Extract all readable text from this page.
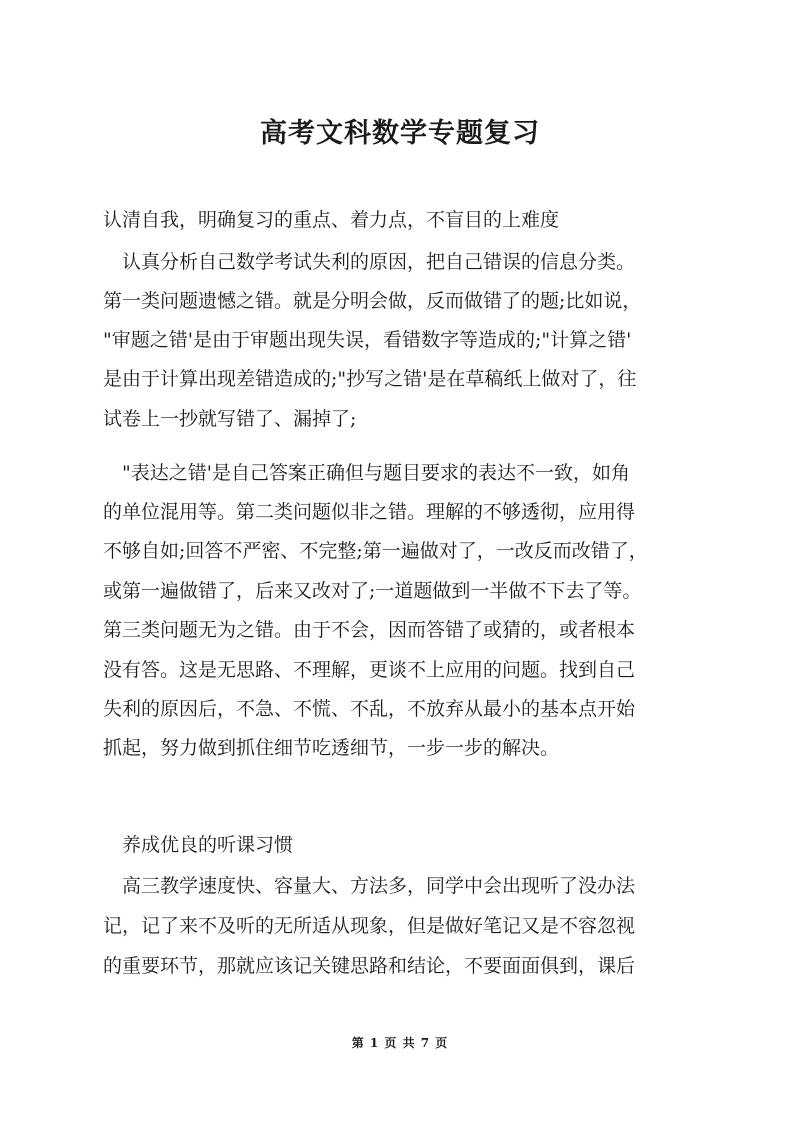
高考文科数学专题复习

认清自我，明确复习的重点、着力点，不盲目的上难度

　认真分析自己数学考试失利的原因，把自己错误的信息分类。

第一类问题遗憾之错。就是分明会做，反而做错了的题;比如说，

"审题之错'是由于审题出现失误，看错数字等造成的;"计算之错'

是由于计算出现差错造成的;"抄写之错'是在草稿纸上做对了，往

试卷上一抄就写错了、漏掉了;

　"表达之错'是自己答案正确但与题目要求的表达不一致，如角

的单位混用等。第二类问题似非之错。理解的不够透彻，应用得

不够自如;回答不严密、不完整;第一遍做对了，一改反而改错了，

或第一遍做错了，后来又改对了;一道题做到一半做不下去了等。

第三类问题无为之错。由于不会，因而答错了或猜的，或者根本

没有答。这是无思路、不理解，更谈不上应用的问题。找到自己

失利的原因后，不急、不慌、不乱，不放弃从最小的基本点开始

抓起，努力做到抓住细节吃透细节，一步一步的解决。

　养成优良的听课习惯

　高三教学速度快、容量大、方法多，同学中会出现听了没办法

记，记了来不及听的无所适从现象，但是做好笔记又是不容忽视

的重要环节，那就应该记关键思路和结论，不要面面俱到，课后

第 1 页 共 7 页
